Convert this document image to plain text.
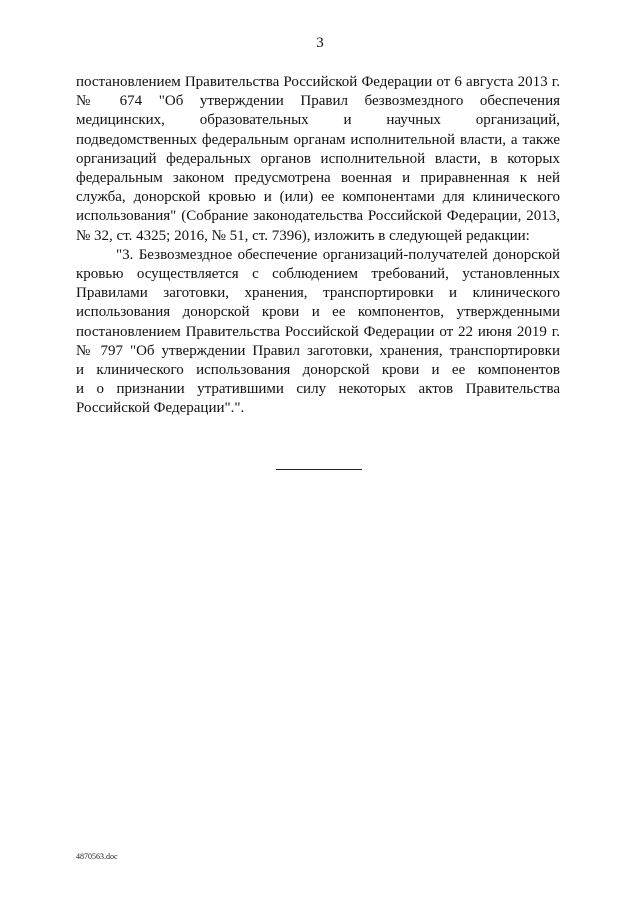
3

постановлением Правительства Российской Федерации от 6 августа 2013 г.
№ 674 "Об утверждении Правил безвозмездного обеспечения
медицинских, образовательных и научных организаций,
подведомственных федеральным органам исполнительной власти, а также
организаций федеральных органов исполнительной власти, в которых
федеральным законом предусмотрена военная и приравненная к ней
служба, донорской кровью и (или) ее компонентами для клинического
использования" (Собрание законодательства Российской Федерации, 2013,
№ 32, ст. 4325; 2016, № 51, ст. 7396), изложить в следующей редакции:

"3. Безвозмездное обеспечение организаций-получателей донорской
кровью осуществляется с соблюдением требований, установленных
Правилами заготовки, хранения, транспортировки и клинического
использования донорской крови и ее компонентов, утвержденными
постановлением Правительства Российской Федерации от 22 июня 2019 г.
№ 797 "Об утверждении Правил заготовки, хранения, транспортировки
и клинического использования донорской крови и ее компонентов
и о признании утратившими силу некоторых актов Правительства
Российской Федерации".".

4870563.doc
